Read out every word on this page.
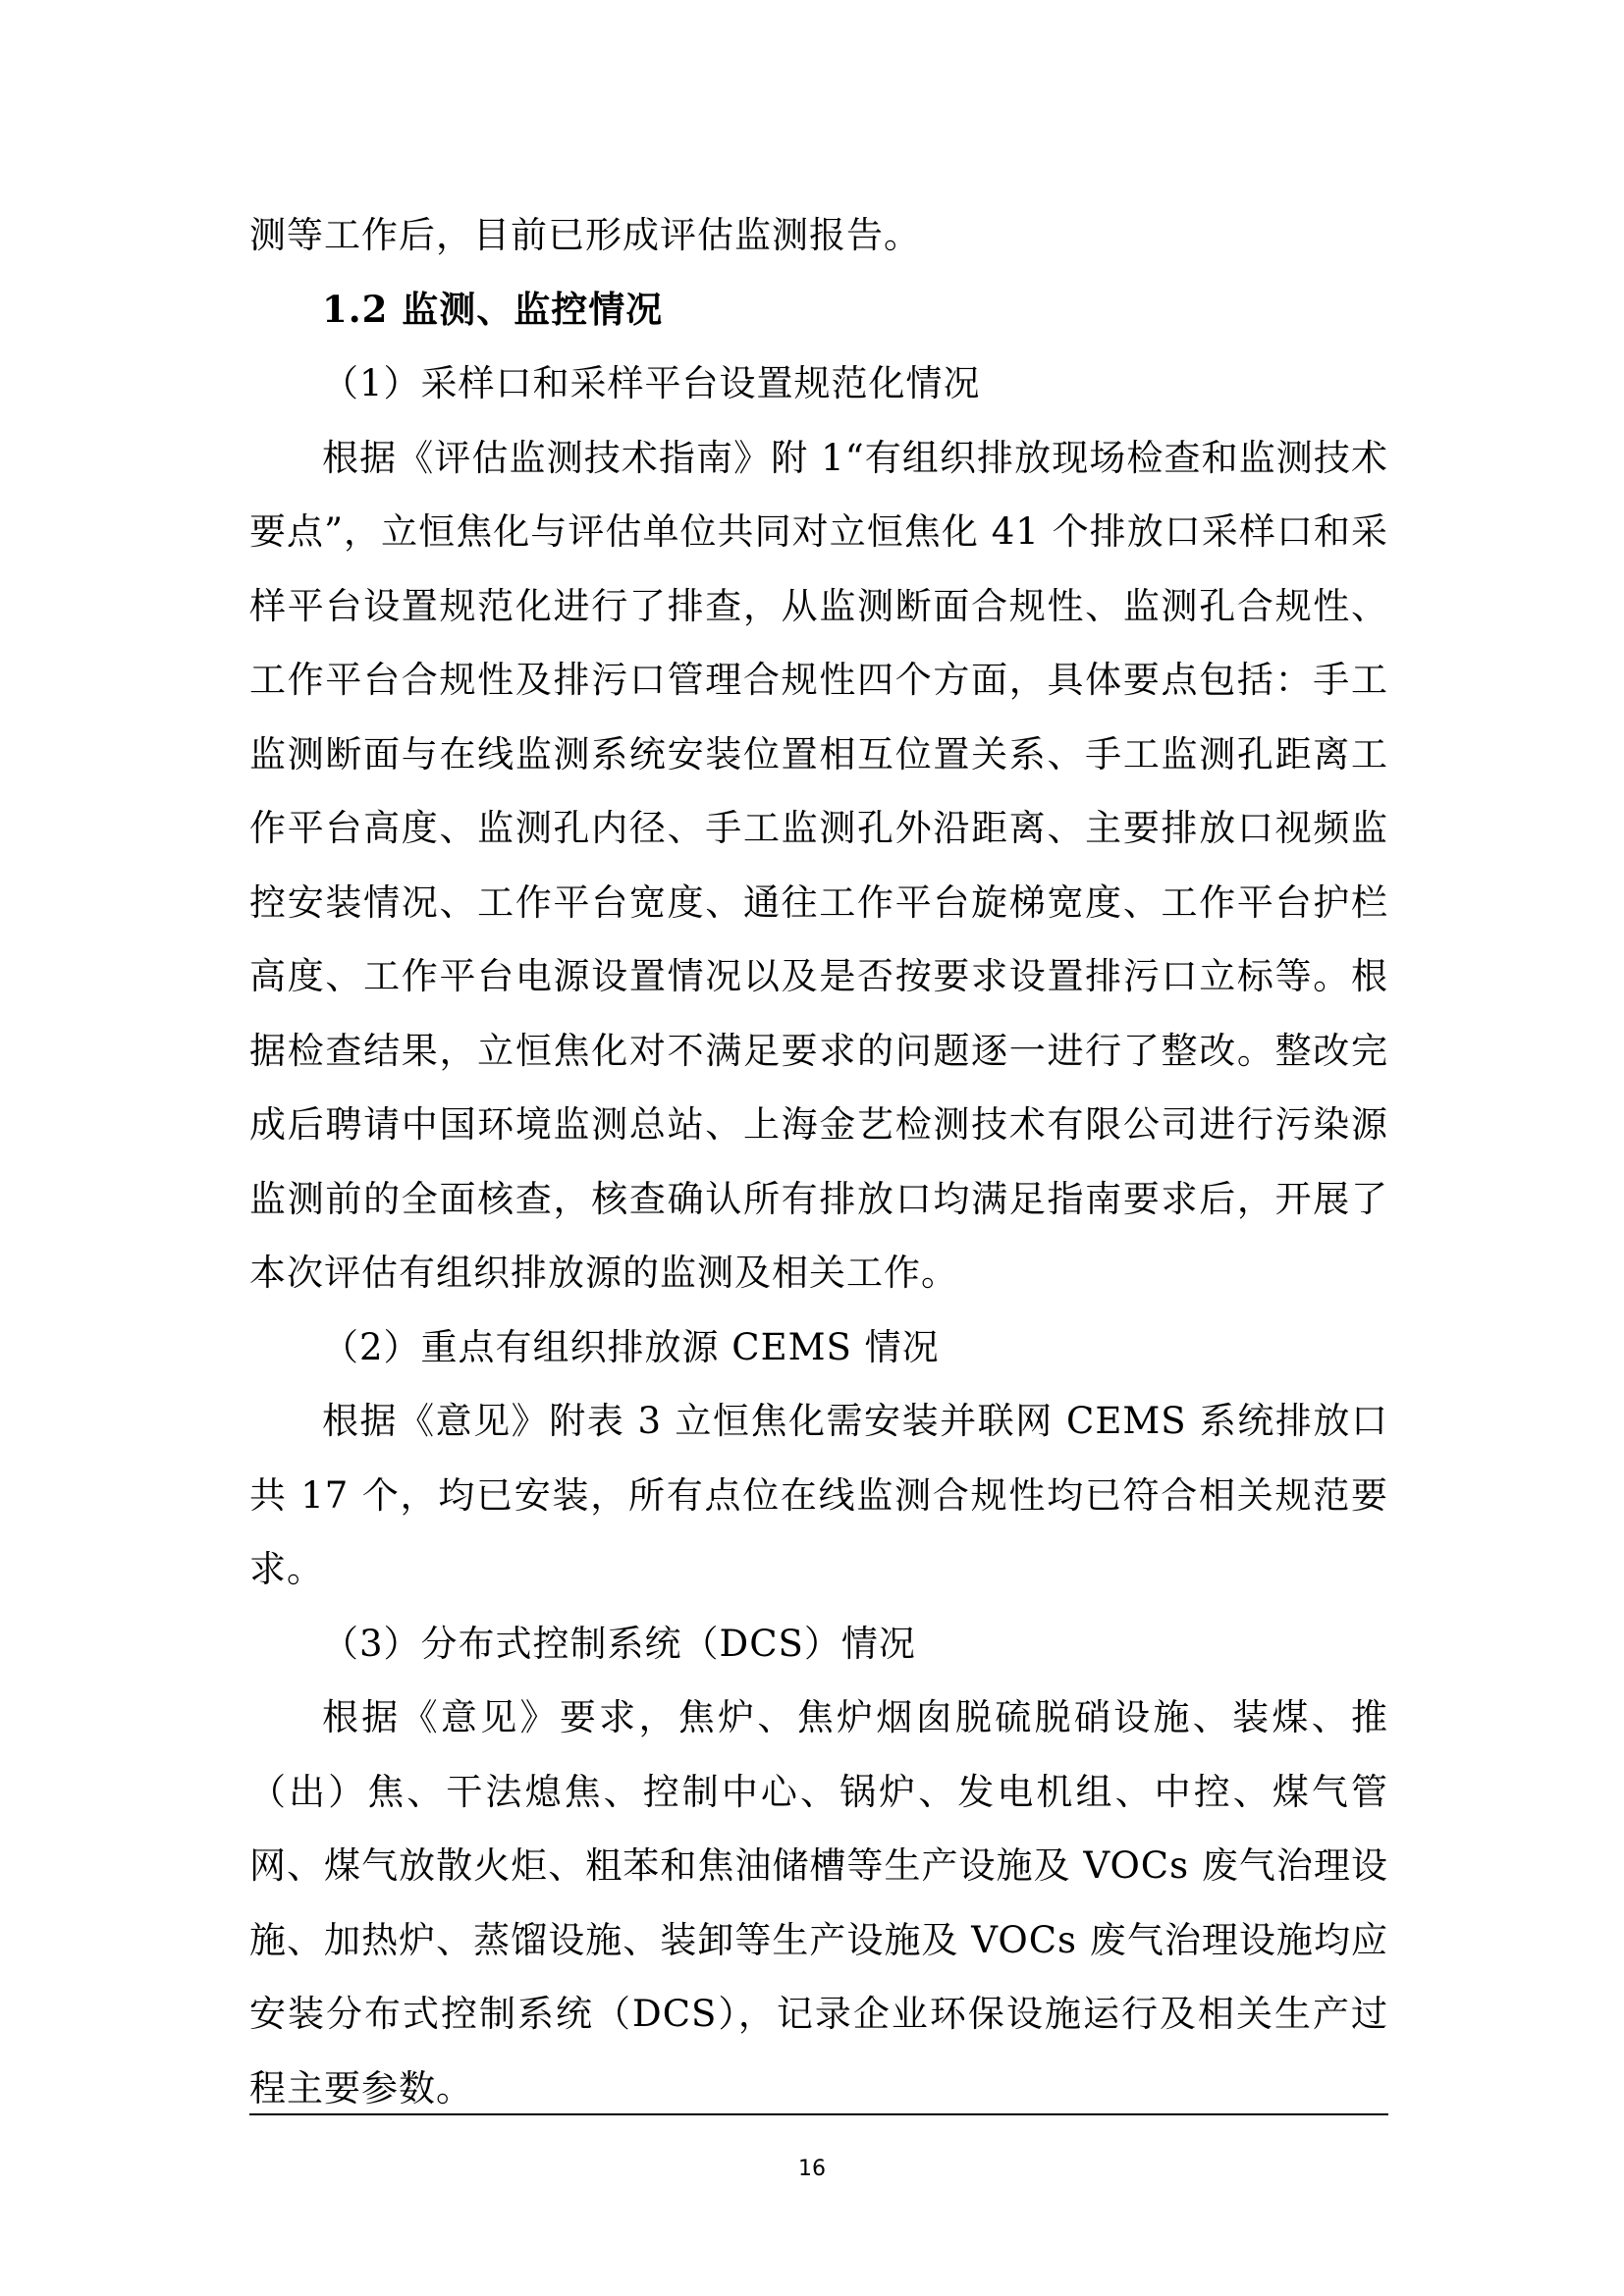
测等工作后，目前已形成评估监测报告。

1.2 监测、监控情况

（1）采样口和采样平台设置规范化情况

根据《评估监测技术指南》附 1“有组织排放现场检查和监测技术要点”，立恒焦化与评估单位共同对立恒焦化 41 个排放口采样口和采样平台设置规范化进行了排查，从监测断面合规性、监测孔合规性、工作平台合规性及排污口管理合规性四个方面，具体要点包括：手工监测断面与在线监测系统安装位置相互位置关系、手工监测孔距离工作平台高度、监测孔内径、手工监测孔外沿距离、主要排放口视频监控安装情况、工作平台宽度、通往工作平台旋梯宽度、工作平台护栏高度、工作平台电源设置情况以及是否按要求设置排污口立标等。根据检查结果，立恒焦化对不满足要求的问题逐一进行了整改。整改完成后聘请中国环境监测总站、上海金艺检测技术有限公司进行污染源监测前的全面核查，核查确认所有排放口均满足指南要求后，开展了本次评估有组织排放源的监测及相关工作。

（2）重点有组织排放源 CEMS 情况

根据《意见》附表 3 立恒焦化需安装并联网 CEMS 系统排放口共 17 个，均已安装，所有点位在线监测合规性均已符合相关规范要求。

（3）分布式控制系统（DCS）情况

根据《意见》要求，焦炉、焦炉烟囱脱硫脱硝设施、装煤、推（出）焦、干法熄焦、控制中心、锅炉、发电机组、中控、煤气管网、煤气放散火炬、粗苯和焦油储槽等生产设施及 VOCs 废气治理设施、加热炉、蒸馏设施、装卸等生产设施及 VOCs 废气治理设施均应安装分布式控制系统（DCS），记录企业环保设施运行及相关生产过程主要参数。

16
